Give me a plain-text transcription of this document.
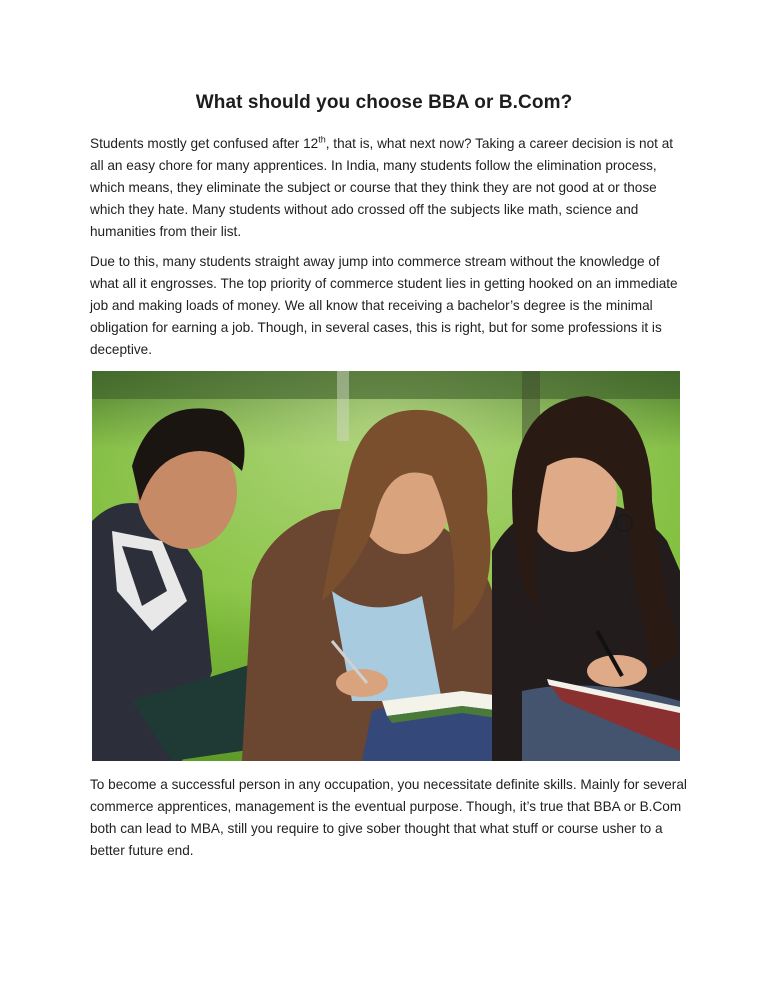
What should you choose BBA or B.Com?

Students mostly get confused after 12th, that is, what next now? Taking a career decision is not at all an easy chore for many apprentices. In India, many students follow the elimination process, which means, they eliminate the subject or course that they think they are not good at or those which they hate. Many students without ado crossed off the subjects like math, science and humanities from their list.

Due to this, many students straight away jump into commerce stream without the knowledge of what all it engrosses. The top priority of commerce student lies in getting hooked on an immediate job and making loads of money. We all know that receiving a bachelor’s degree is the minimal obligation for earning a job. Though, in several cases, this is right, but for some professions it is deceptive.

To become a successful person in any occupation, you necessitate definite skills. Mainly for several commerce apprentices, management is the eventual purpose. Though, it’s true that BBA or B.Com both can lead to MBA, still you require to give sober thought that what stuff or course usher to a better future end.
